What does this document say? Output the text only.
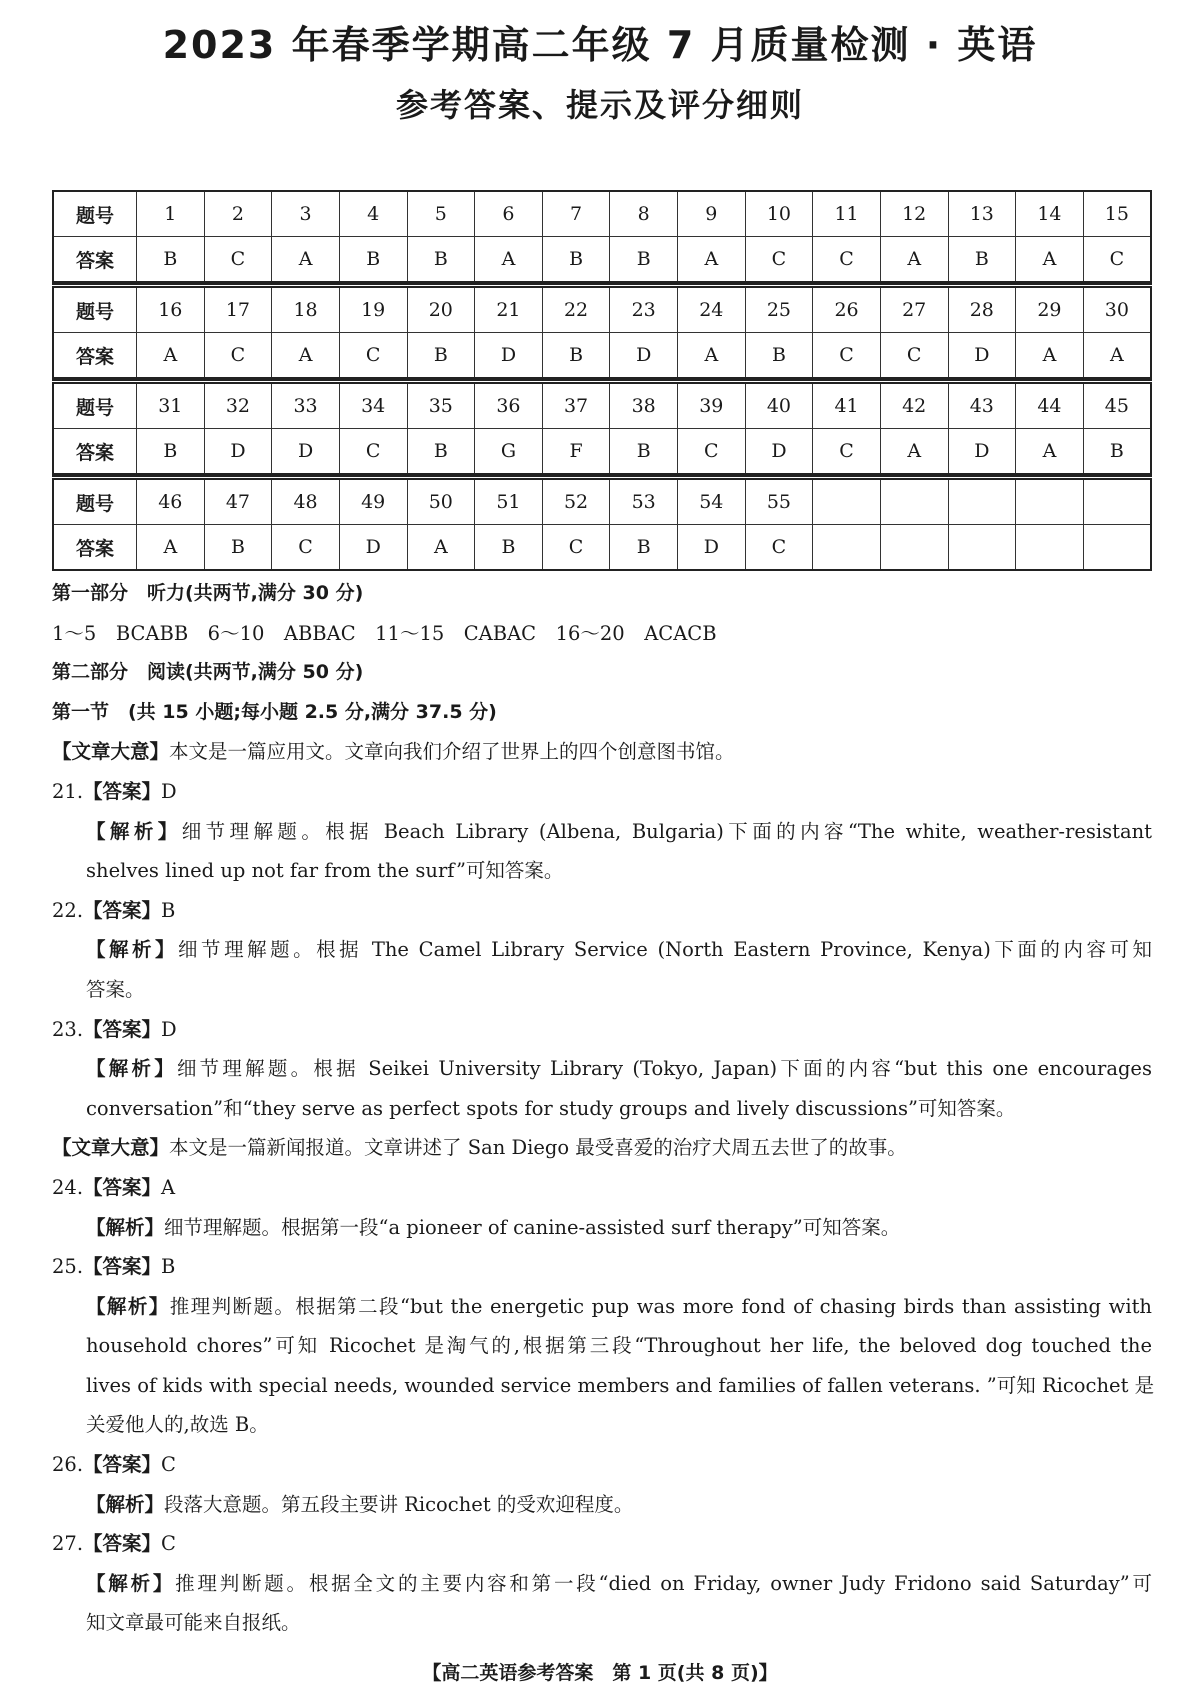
2023 年春季学期高二年级 7 月质量检测 · 英语
参考答案、提示及评分细则
题号	1	2	3	4	5	6	7	8	9	10	11	12	13	14	15
答案	B	C	A	B	B	A	B	B	A	C	C	A	B	A	C
题号	16	17	18	19	20	21	22	23	24	25	26	27	28	29	30
答案	A	C	A	C	B	D	B	D	A	B	C	C	D	A	A
题号	31	32	33	34	35	36	37	38	39	40	41	42	43	44	45
答案	B	D	D	C	B	G	F	B	C	D	C	A	D	A	B
题号	46	47	48	49	50	51	52	53	54	55					
答案	A	B	C	D	A	B	C	B	D	C					
第一部分　听力(共两节,满分 30 分)
1～5　BCABB　6～10　ABBAC　11～15　CABAC　16～20　ACACB
第二部分　阅读(共两节,满分 50 分)
第一节　(共 15 小题;每小题 2.5 分,满分 37.5 分)
【文章大意】本文是一篇应用文。文章向我们介绍了世界上的四个创意图书馆。
21.【答案】D
【解析】细节理解题。根据 Beach Library (Albena, Bulgaria)下面的内容“The white, weather-resistant
shelves lined up not far from the surf”可知答案。
22.【答案】B
【解析】细节理解题。根据 The Camel Library Service (North Eastern Province, Kenya)下面的内容可知
答案。
23.【答案】D
【解析】细节理解题。根据 Seikei University Library (Tokyo, Japan)下面的内容“but this one encourages
conversation”和“they serve as perfect spots for study groups and lively discussions”可知答案。
【文章大意】本文是一篇新闻报道。文章讲述了 San Diego 最受喜爱的治疗犬周五去世了的故事。
24.【答案】A
【解析】细节理解题。根据第一段“a pioneer of canine-assisted surf therapy”可知答案。
25.【答案】B
【解析】推理判断题。根据第二段“but the energetic pup was more fond of chasing birds than assisting with
household chores”可知 Ricochet 是淘气的,根据第三段“Throughout her life, the beloved dog touched the
lives of kids with special needs, wounded service members and families of fallen veterans. ”可知 Ricochet 是
关爱他人的,故选 B。
26.【答案】C
【解析】段落大意题。第五段主要讲 Ricochet 的受欢迎程度。
27.【答案】C
【解析】推理判断题。根据全文的主要内容和第一段“died on Friday, owner Judy Fridono said Saturday”可
知文章最可能来自报纸。
【高二英语参考答案　第 1 页(共 8 页)】
